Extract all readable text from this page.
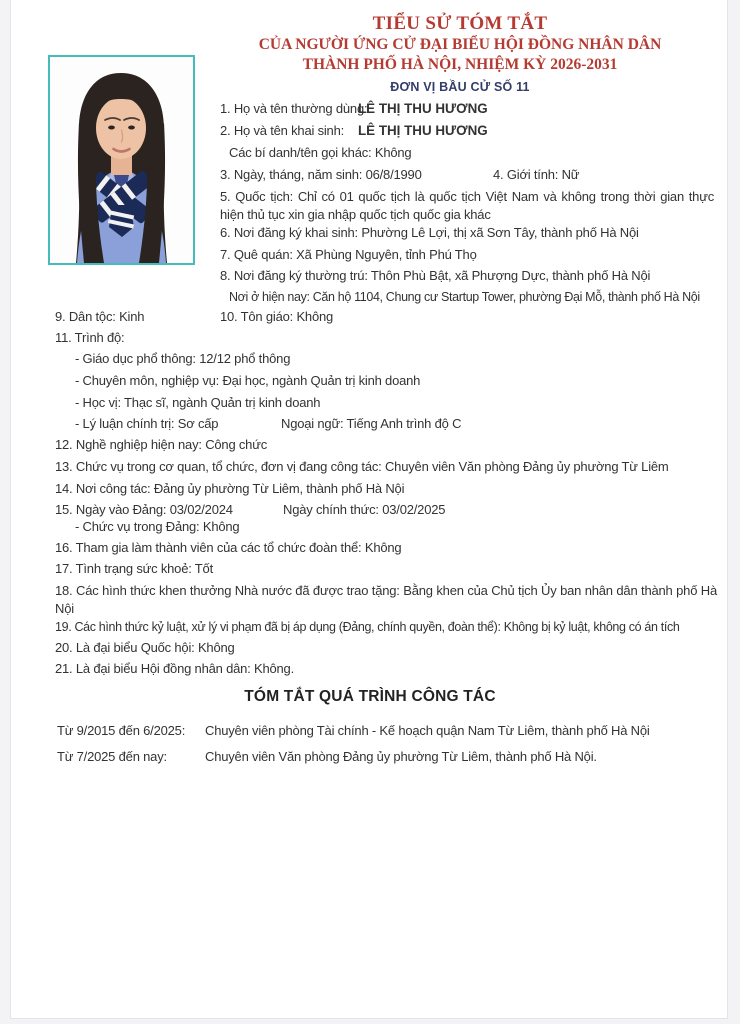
TIỂU SỬ TÓM TẮT
CỦA NGƯỜI ỨNG CỬ ĐẠI BIỂU HỘI ĐỒNG NHÂN DÂN
THÀNH PHỐ HÀ NỘI, NHIỆM KỲ 2026-2031
ĐƠN VỊ BẦU CỬ SỐ 11
1. Họ và tên thường dùng:LÊ THỊ THU HƯƠNG
2. Họ và tên khai sinh: LÊ THỊ THU HƯƠNG
Các bí danh/tên gọi khác: Không
3. Ngày, tháng, năm sinh: 06/8/1990	4. Giới tính: Nữ
5. Quốc tịch: Chỉ có 01 quốc tịch là quốc tịch Việt Nam và không trong thời gian thực hiện thủ tục xin gia nhập quốc tịch quốc gia khác
6. Nơi đăng ký khai sinh: Phường Lê Lợi, thị xã Sơn Tây, thành phố Hà Nội
7. Quê quán: Xã Phùng Nguyên, tỉnh Phú Thọ
8. Nơi đăng ký thường trú: Thôn Phù Bật, xã Phượng Dực, thành phố Hà Nội
Nơi ở hiện nay: Căn hộ 1104, Chung cư Startup Tower, phường Đại Mỗ, thành phố Hà Nội
9. Dân tộc: Kinh	10. Tôn giáo: Không
11. Trình độ:
- Giáo dục phổ thông: 12/12 phổ thông
- Chuyên môn, nghiệp vụ: Đại học, ngành Quản trị kinh doanh
- Học vị: Thạc sĩ, ngành Quản trị kinh doanh
- Lý luận chính trị: Sơ cấp	Ngoại ngữ: Tiếng Anh trình độ C
12. Nghề nghiệp hiện nay: Công chức
13. Chức vụ trong cơ quan, tổ chức, đơn vị đang công tác: Chuyên viên Văn phòng Đảng ủy phường Từ Liêm
14. Nơi công tác: Đảng ủy phường Từ Liêm, thành phố Hà Nội
15. Ngày vào Đảng: 03/02/2024	Ngày chính thức: 03/02/2025
- Chức vụ trong Đảng: Không
16. Tham gia làm thành viên của các tổ chức đoàn thể: Không
17. Tình trạng sức khoẻ: Tốt
18. Các hình thức khen thưởng Nhà nước đã được trao tặng: Bằng khen của Chủ tịch Ủy ban nhân dân thành phố Hà Nội
19. Các hình thức kỷ luật, xử lý vi phạm đã bị áp dụng (Đảng, chính quyền, đoàn thể): Không bị kỷ luật, không có án tích
20. Là đại biểu Quốc hội: Không
21. Là đại biểu Hội đồng nhân dân: Không.
TÓM TẮT QUÁ TRÌNH CÔNG TÁC
Từ 9/2015 đến 6/2025: Chuyên viên phòng Tài chính - Kế hoạch quận Nam Từ Liêm, thành phố Hà Nội
Từ 7/2025 đến nay:	Chuyên viên Văn phòng Đảng ủy phường Từ Liêm, thành phố Hà Nội.
